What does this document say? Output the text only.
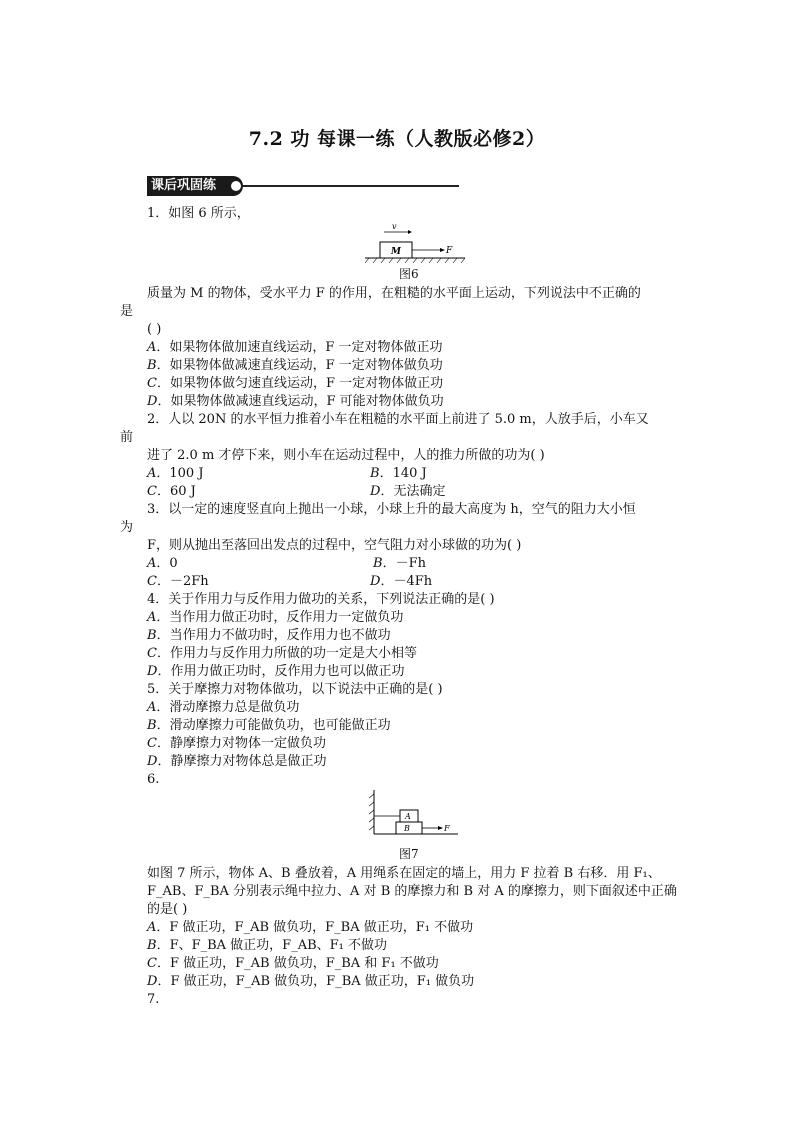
7.2 功 每课一练（人教版必修2）
课后巩固练
1．如图 6 所示，
v
M	F
图6
质量为 M 的物体，受水平力 F 的作用，在粗糙的水平面上运动，下列说法中不正确的
是
( )
A．如果物体做加速直线运动，F 一定对物体做正功
B．如果物体做减速直线运动，F 一定对物体做负功
C．如果物体做匀速直线运动，F 一定对物体做正功
D．如果物体做减速直线运动，F 可能对物体做负功
2．人以 20N 的水平恒力推着小车在粗糙的水平面上前进了 5.0 m，人放手后，小车又
前
进了 2.0 m 才停下来，则小车在运动过程中，人的推力所做的功为( )
A．100 J	B．140 J
C．60 J	D．无法确定
3．以一定的速度竖直向上抛出一小球，小球上升的最大高度为 h，空气的阻力大小恒
为
F，则从抛出至落回出发点的过程中，空气阻力对小球做的功为( )
A．0	B．－Fh
C．－2Fh	D．－4Fh
4．关于作用力与反作用力做功的关系，下列说法正确的是( )
A．当作用力做正功时，反作用力一定做负功
B．当作用力不做功时，反作用力也不做功
C．作用力与反作用力所做的功一定是大小相等
D．作用力做正功时，反作用力也可以做正功
5．关于摩擦力对物体做功，以下说法中正确的是( )
A．滑动摩擦力总是做负功
B．滑动摩擦力可能做负功，也可能做正功
C．静摩擦力对物体一定做负功
D．静摩擦力对物体总是做正功
6.
A
B	F
图7
如图 7 所示，物体 A、B 叠放着，A 用绳系在固定的墙上，用力 F 拉着 B 右移．用 F₁、
F_AB、F_BA 分别表示绳中拉力、A 对 B 的摩擦力和 B 对 A 的摩擦力，则下面叙述中正确
的是( )
A．F 做正功，F_AB 做负功，F_BA 做正功，F₁ 不做功
B．F、F_BA 做正功，F_AB、F₁ 不做功
C．F 做正功，F_AB 做负功，F_BA 和 F₁ 不做功
D．F 做正功，F_AB 做负功，F_BA 做正功，F₁ 做负功
7.
